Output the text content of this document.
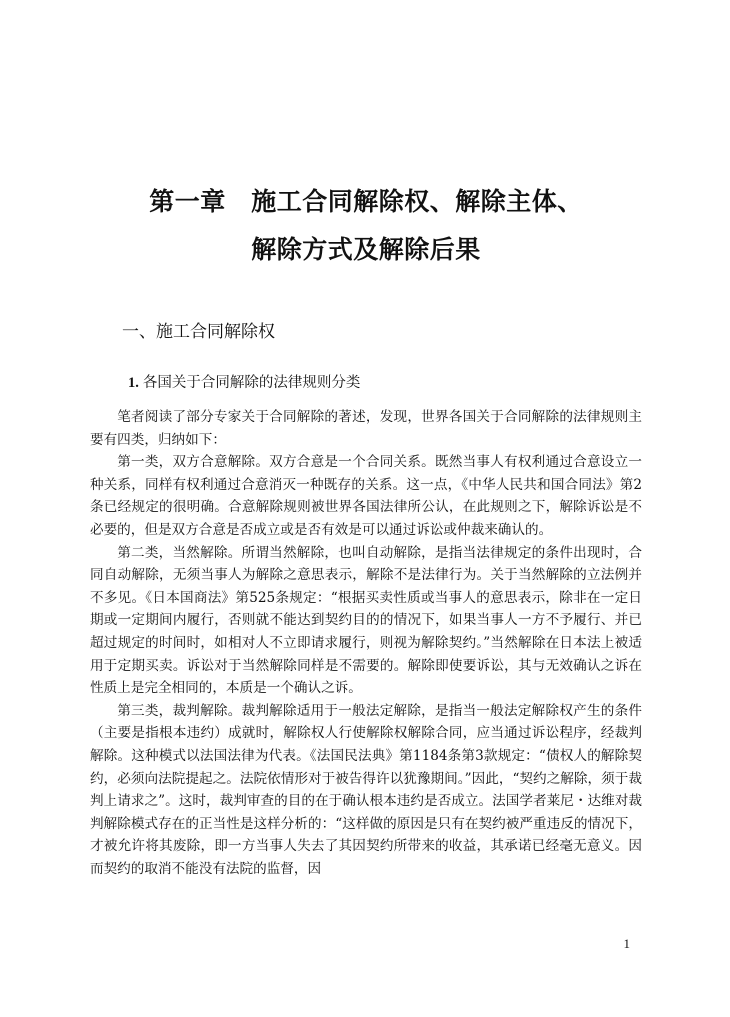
第一章　施工合同解除权、解除主体、
解除方式及解除后果
一、施工合同解除权
1. 各国关于合同解除的法律规则分类

笔者阅读了部分专家关于合同解除的著述，发现，世界各国关于合同解除的法律规则主要有四类，归纳如下：

第一类，双方合意解除。双方合意是一个合同关系。既然当事人有权利通过合意设立一种关系，同样有权利通过合意消灭一种既存的关系。这一点，《中华人民共和国合同法》第2条已经规定的很明确。合意解除规则被世界各国法律所公认，在此规则之下，解除诉讼是不必要的，但是双方合意是否成立或是否有效是可以通过诉讼或仲裁来确认的。

第二类，当然解除。所谓当然解除，也叫自动解除，是指当法律规定的条件出现时，合同自动解除，无须当事人为解除之意思表示，解除不是法律行为。关于当然解除的立法例并不多见。《日本国商法》第525条规定：“根据买卖性质或当事人的意思表示，除非在一定日期或一定期间内履行，否则就不能达到契约目的的情况下，如果当事人一方不予履行、并已超过规定的时间时，如相对人不立即请求履行，则视为解除契约。”当然解除在日本法上被适用于定期买卖。诉讼对于当然解除同样是不需要的。解除即使要诉讼，其与无效确认之诉在性质上是完全相同的，本质是一个确认之诉。

第三类，裁判解除。裁判解除适用于一般法定解除，是指当一般法定解除权产生的条件（主要是指根本违约）成就时，解除权人行使解除权解除合同，应当通过诉讼程序，经裁判解除。这种模式以法国法律为代表。《法国民法典》第1184条第3款规定：“债权人的解除契约，必须向法院提起之。法院依情形对于被告得许以犹豫期间。”因此，“契约之解除，须于裁判上请求之”。这时，裁判审查的目的在于确认根本违约是否成立。法国学者莱尼・达维对裁判解除模式存在的正当性是这样分析的：“这样做的原因是只有在契约被严重违反的情况下，才被允许将其废除，即一方当事人失去了其因契约所带来的收益，其承诺已经毫无意义。因而契约的取消不能没有法院的监督，因

1
